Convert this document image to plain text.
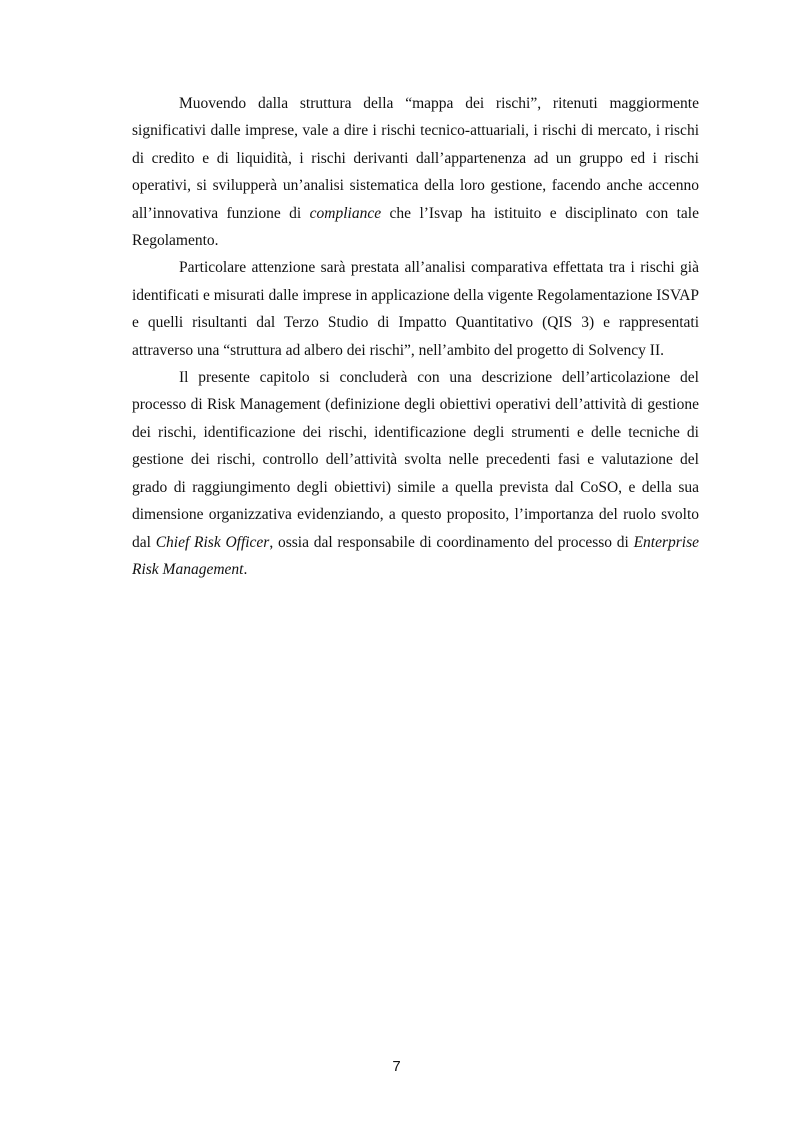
Muovendo dalla struttura della “mappa dei rischi”, ritenuti maggiormente significativi dalle imprese, vale a dire i rischi tecnico-attuariali, i rischi di mercato, i rischi di credito e di liquidità, i rischi derivanti dall’appartenenza ad un gruppo ed i rischi operativi, si svilupperà un’analisi sistematica della loro gestione, facendo anche accenno all’innovativa funzione di compliance che l’Isvap ha istituito e disciplinato con tale Regolamento.

Particolare attenzione sarà prestata all’analisi comparativa effettata tra i rischi già identificati e misurati dalle imprese in applicazione della vigente Regolamentazione ISVAP e quelli risultanti dal Terzo Studio di Impatto Quantitativo (QIS 3) e rappresentati attraverso una “struttura ad albero dei rischi”, nell’ambito del progetto di Solvency II.

Il presente capitolo si concluderà con una descrizione dell’articolazione del processo di Risk Management (definizione degli obiettivi operativi dell’attività di gestione dei rischi, identificazione dei rischi, identificazione degli strumenti e delle tecniche di gestione dei rischi, controllo dell’attività svolta nelle precedenti fasi e valutazione del grado di raggiungimento degli obiettivi) simile a quella prevista dal CoSO, e della sua dimensione organizzativa evidenziando, a questo proposito, l’importanza del ruolo svolto dal Chief Risk Officer, ossia dal responsabile di coordinamento del processo di Enterprise Risk Management.

7
